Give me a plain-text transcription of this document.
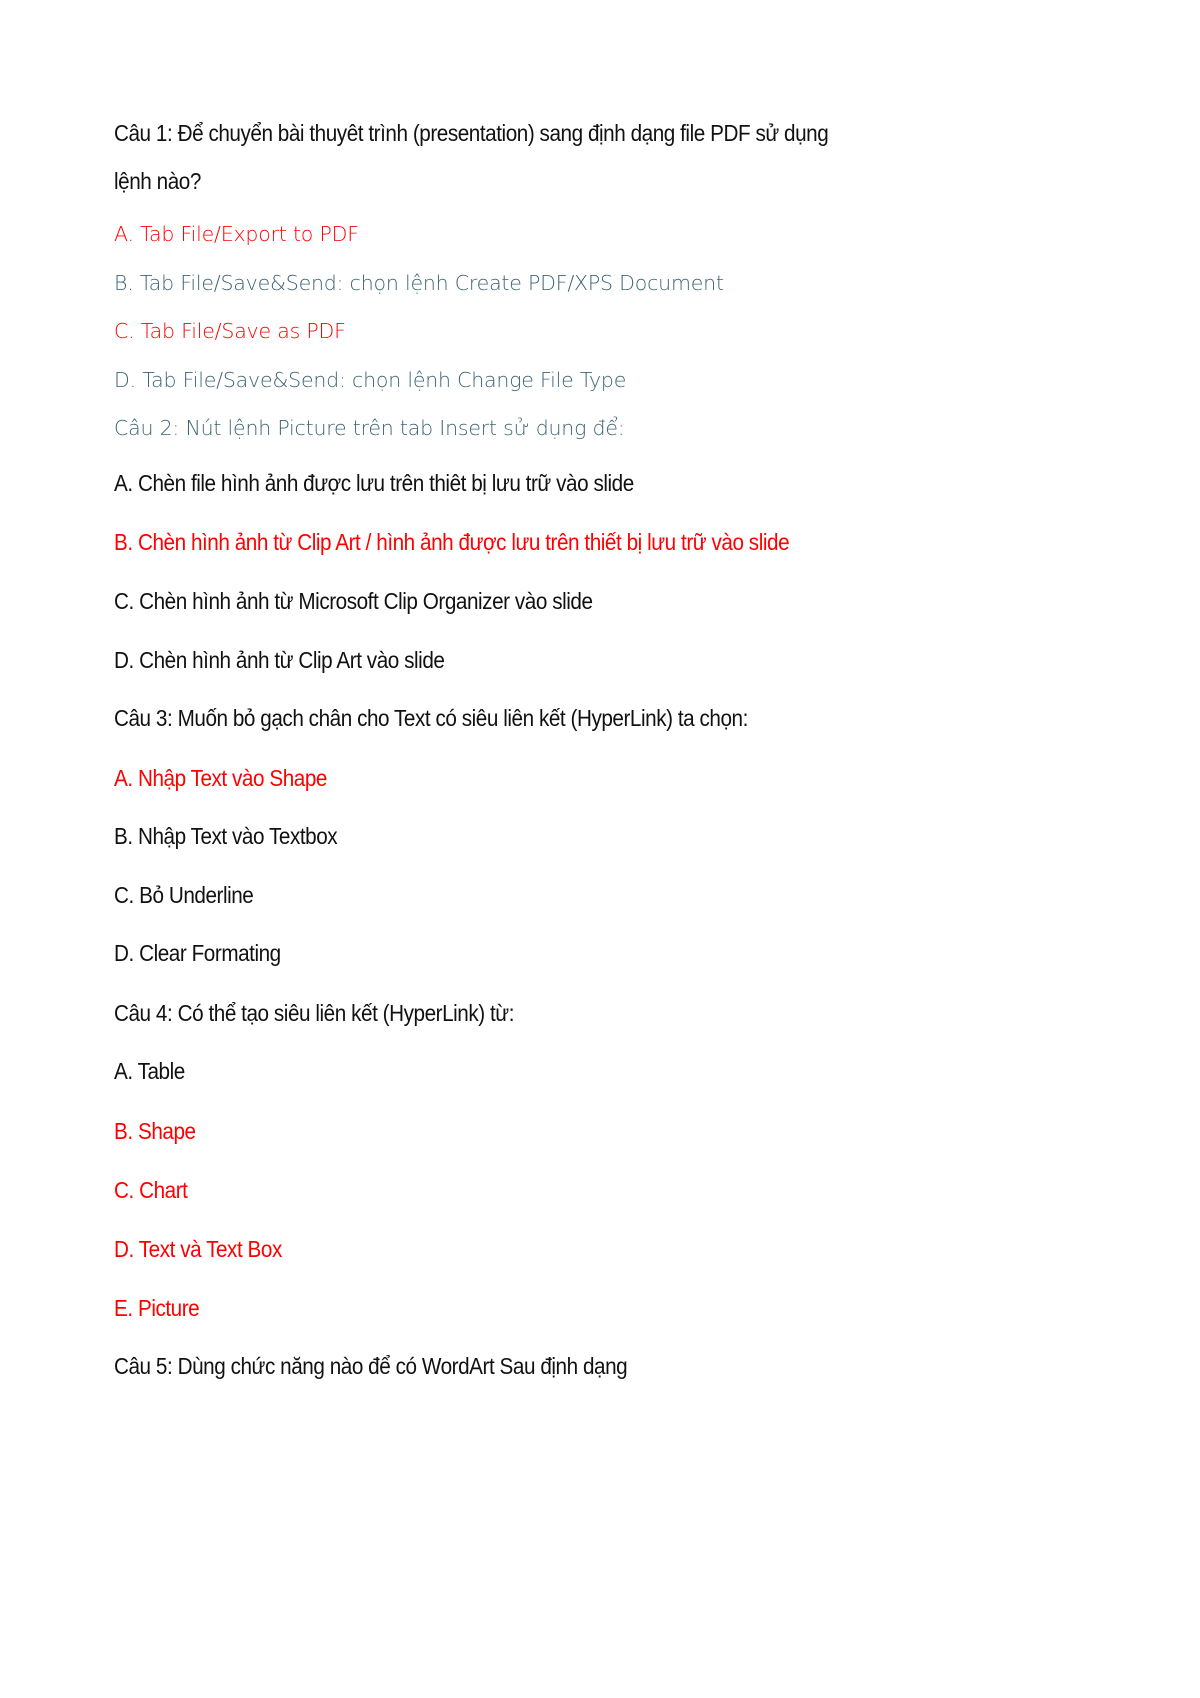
Câu 1: Để chuyển bài thuyêt trình (presentation) sang định dạng file PDF sử dụng
lệnh nào?
A. Tab File/Export to PDF
B. Tab File/Save&Send: chọn lệnh Create PDF/XPS Document
C. Tab File/Save as PDF
D. Tab File/Save&Send: chọn lệnh Change File Type
Câu 2: Nút lệnh Picture trên tab Insert sử dụng để:
A. Chèn file hình ảnh được lưu trên thiêt bị lưu trữ vào slide
B. Chèn hình ảnh từ Clip Art / hình ảnh được lưu trên thiết bị lưu trữ vào slide
C. Chèn hình ảnh từ Microsoft Clip Organizer vào slide
D. Chèn hình ảnh từ Clip Art vào slide
Câu 3: Muốn bỏ gạch chân cho Text có siêu liên kết (HyperLink) ta chọn:
A. Nhập Text vào Shape
B. Nhập Text vào Textbox
C. Bỏ Underline
D. Clear Formating
Câu 4: Có thể tạo siêu liên kết (HyperLink) từ:
A. Table
B. Shape
C. Chart
D. Text và Text Box
E. Picture
Câu 5: Dùng chức năng nào để có WordArt Sau định dạng
